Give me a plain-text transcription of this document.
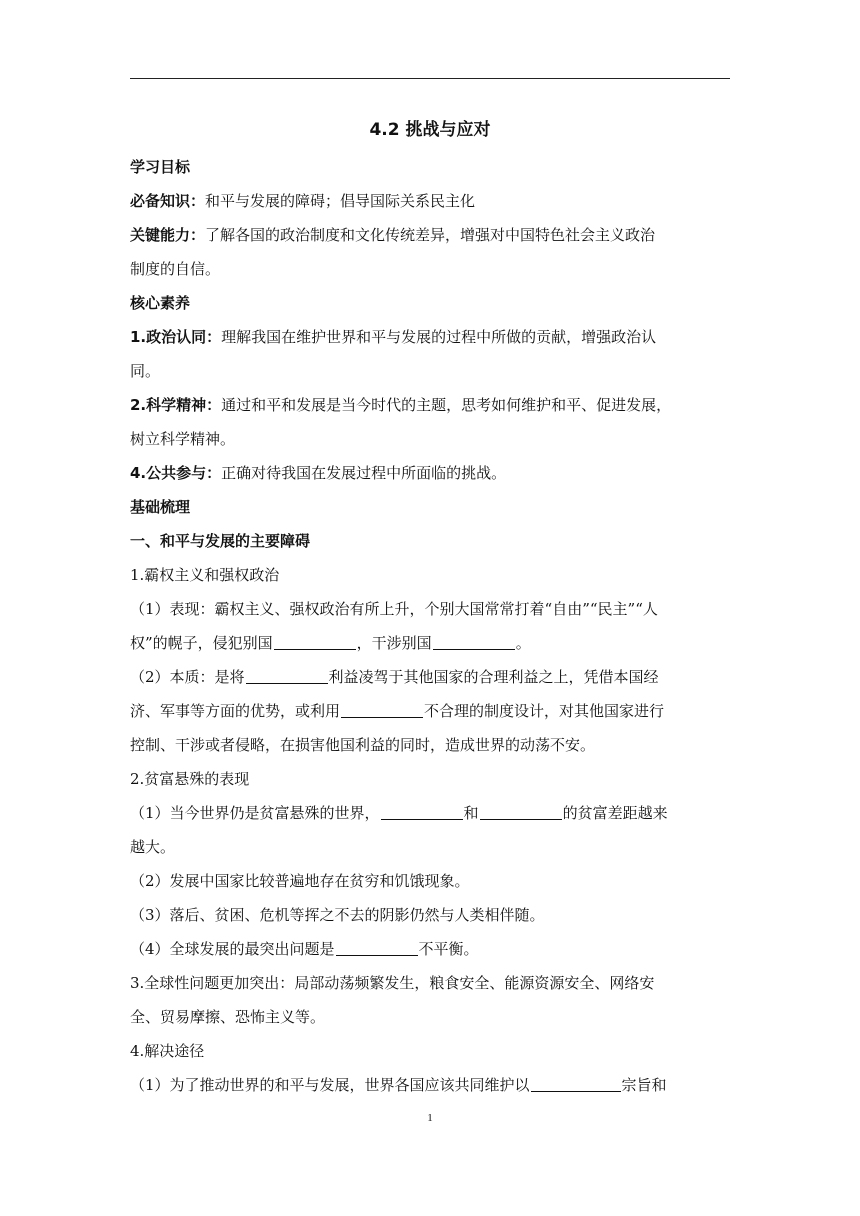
4.2 挑战与应对
学习目标
必备知识：和平与发展的障碍；倡导国际关系民主化
关键能力：了解各国的政治制度和文化传统差异，增强对中国特色社会主义政治
制度的自信。
核心素养
1.政治认同：理解我国在维护世界和平与发展的过程中所做的贡献，增强政治认
同。
2.科学精神：通过和平和发展是当今时代的主题，思考如何维护和平、促进发展，
树立科学精神。
4.公共参与：正确对待我国在发展过程中所面临的挑战。
基础梳理
一、和平与发展的主要障碍
1.霸权主义和强权政治
（1）表现：霸权主义、强权政治有所上升，个别大国常常打着“自由”“民主”“人
权”的幌子，侵犯别国	，干涉别国	。
（2）本质：是将	利益凌驾于其他国家的合理利益之上，凭借本国经
济、军事等方面的优势，或利用	不合理的制度设计，对其他国家进行
控制、干涉或者侵略，在损害他国利益的同时，造成世界的动荡不安。
2.贫富悬殊的表现
（1）当今世界仍是贫富悬殊的世界，	和	的贫富差距越来
越大。
（2）发展中国家比较普遍地存在贫穷和饥饿现象。
（3）落后、贫困、危机等挥之不去的阴影仍然与人类相伴随。
（4）全球发展的最突出问题是	不平衡。
3.全球性问题更加突出：局部动荡频繁发生，粮食安全、能源资源安全、网络安
全、贸易摩擦、恐怖主义等。
4.解决途径
（1）为了推动世界的和平与发展，世界各国应该共同维护以	宗旨和
1
